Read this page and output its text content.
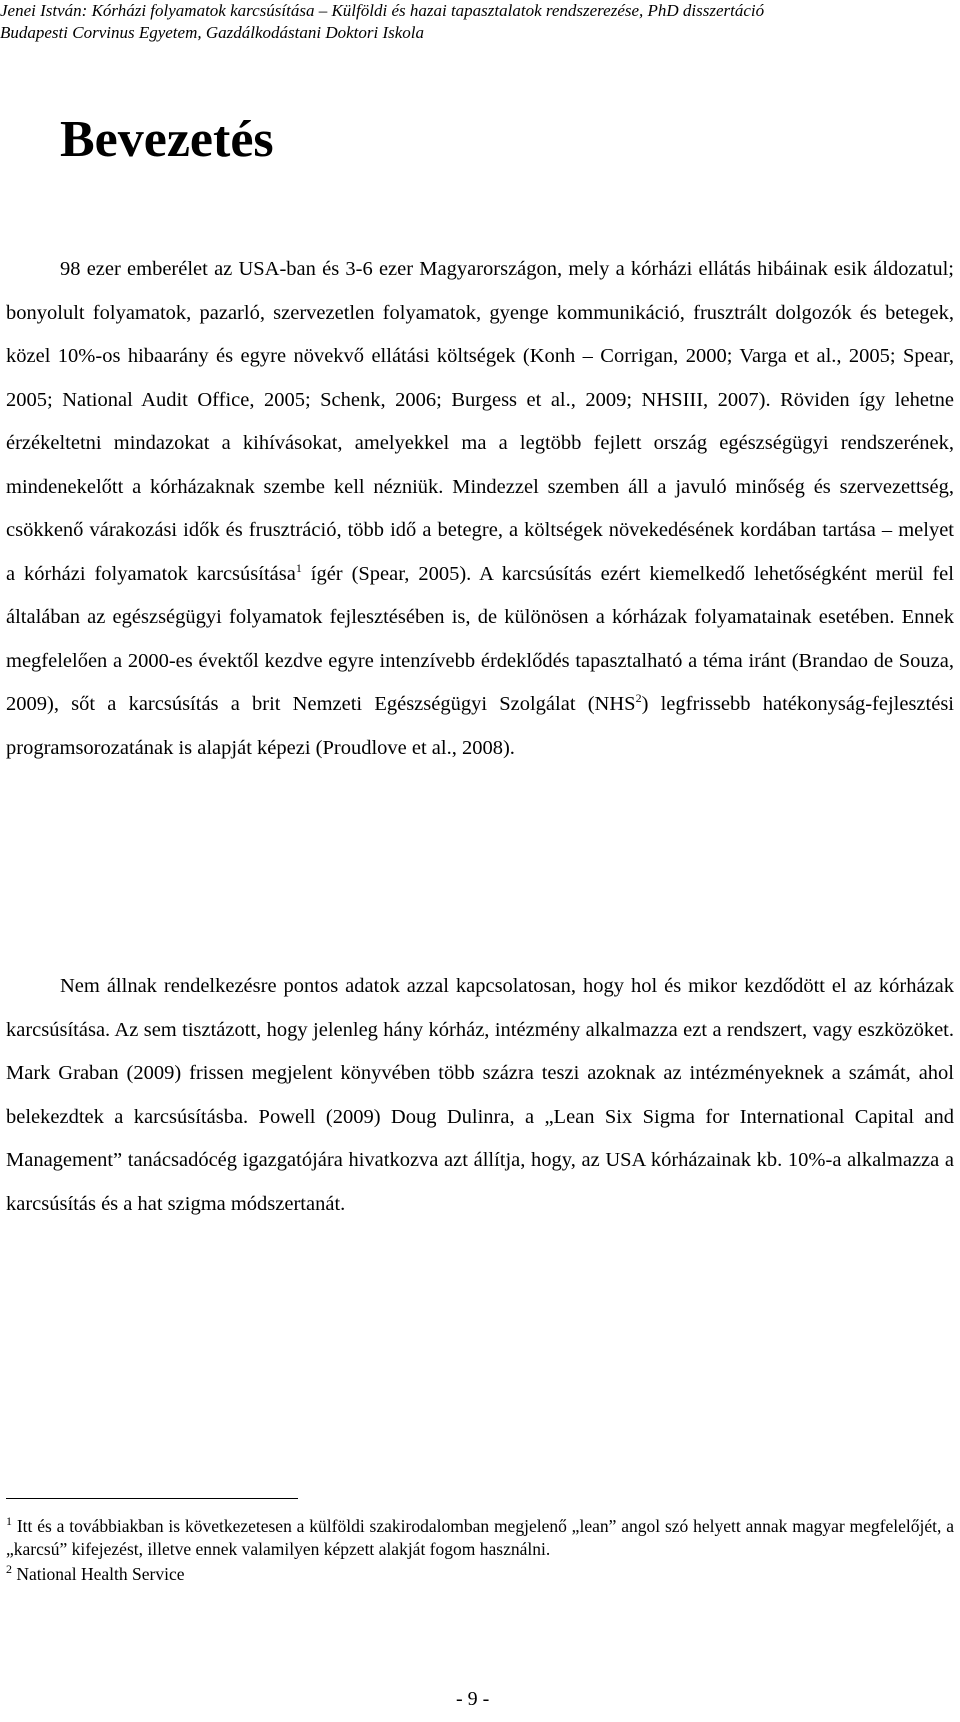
Jenei István: Kórházi folyamatok karcsúsítása – Külföldi és hazai tapasztalatok rendszerezése, PhD disszertáció
Budapesti Corvinus Egyetem, Gazdálkodástani Doktori Iskola
Bevezetés

98 ezer emberélet az USA-ban és 3-6 ezer Magyarországon, mely a kórházi ellátás hibáinak esik áldozatul; bonyolult folyamatok, pazarló, szervezetlen folyamatok, gyenge kommunikáció, frusztrált dolgozók és betegek, közel 10%-os hibaarány és egyre növekvő ellátási költségek (Konh – Corrigan, 2000; Varga et al., 2005; Spear, 2005; National Audit Office, 2005; Schenk, 2006; Burgess et al., 2009; NHSIII, 2007). Röviden így lehetne érzékeltetni mindazokat a kihívásokat, amelyekkel ma a legtöbb fejlett ország egészségügyi rendszerének, mindenekelőtt a kórházaknak szembe kell nézniük. Mindezzel szemben áll a javuló minőség és szervezettség, csökkenő várakozási idők és frusztráció, több idő a betegre, a költségek növekedésének kordában tartása – melyet a kórházi folyamatok karcsúsítása$^1$ ígér (Spear, 2005). A karcsúsítás ezért kiemelkedő lehetőségként merül fel általában az egészségügyi folyamatok fejlesztésében is, de különösen a kórházak folyamatainak esetében. Ennek megfelelően a 2000-es évektől kezdve egyre intenzívebb érdeklődés tapasztalható a téma iránt (Brandao de Souza, 2009), sőt a karcsúsítás a brit Nemzeti Egészségügyi Szolgálat (NHS$^2$) legfrissebb hatékonyság-fejlesztési programsorozatának is alapját képezi (Proudlove et al., 2008).

Nem állnak rendelkezésre pontos adatok azzal kapcsolatosan, hogy hol és mikor kezdődött el az kórházak karcsúsítása. Az sem tisztázott, hogy jelenleg hány kórház, intézmény alkalmazza ezt a rendszert, vagy eszközöket. Mark Graban (2009) frissen megjelent könyvében több százra teszi azoknak az intézményeknek a számát, ahol belekezdtek a karcsúsításba. Powell (2009) Doug Dulinra, a „Lean Six Sigma for International Capital and Management” tanácsadócég igazgatójára hivatkozva azt állítja, hogy, az USA kórházainak kb. 10%-a alkalmazza a karcsúsítás és a hat szigma módszertanát.

$^1$ Itt és a továbbiakban is következetesen a külföldi szakirodalomban megjelenő „lean” angol szó helyett annak magyar megfelelőjét, a „karcsú” kifejezést, illetve ennek valamilyen képzett alakját fogom használni.

$^2$ National Health Service

- 9 -
